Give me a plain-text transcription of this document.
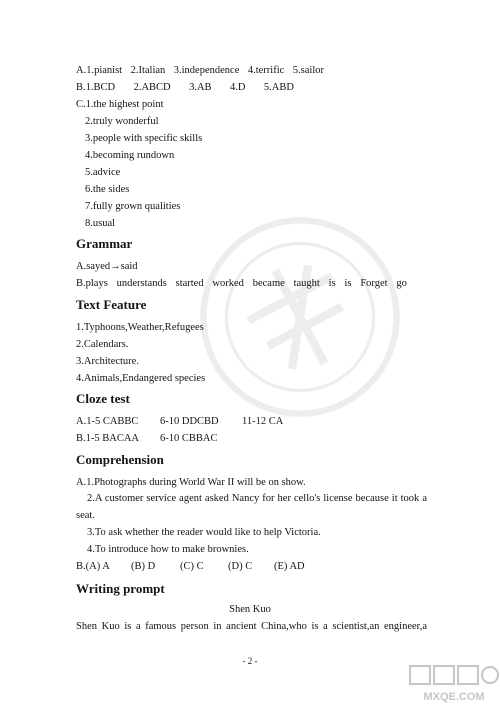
A.1.pianist 2.Italian 3.independence 4.terrific 5.sailor
B.1.BCD 2.ABCD 3.AB 4.D 5.ABD
C.1.the highest point
2.truly wonderful
3.people with specific skills
4.becoming rundown
5.advice
6.the sides
7.fully grown qualities
8.usual
Grammar
A.sayed→said
B.plays understands started worked became taught is is Forget go
Text Feature
1.Typhoons,Weather,Refugees
2.Calendars.
3.Architecture.
4.Animals,Endangered species
Cloze test
A.1-5 CABBC 6-10 DDCBD 11-12 CA
B.1-5 BACAA 6-10 CBBAC
Comprehension
A.1.Photographs during World War II will be on show.
2.A customer service agent asked Nancy for her cello's license because it took a
seat.
3.To ask whether the reader would like to help Victoria.
4.To introduce how to make brownies.
B.(A) A (B) D (C) C (D) C (E) AD
Writing prompt
Shen Kuo
Shen Kuo is a famous person in ancient China,who is a scientist,an engineer,a
- 2 -
MXQE.COM
